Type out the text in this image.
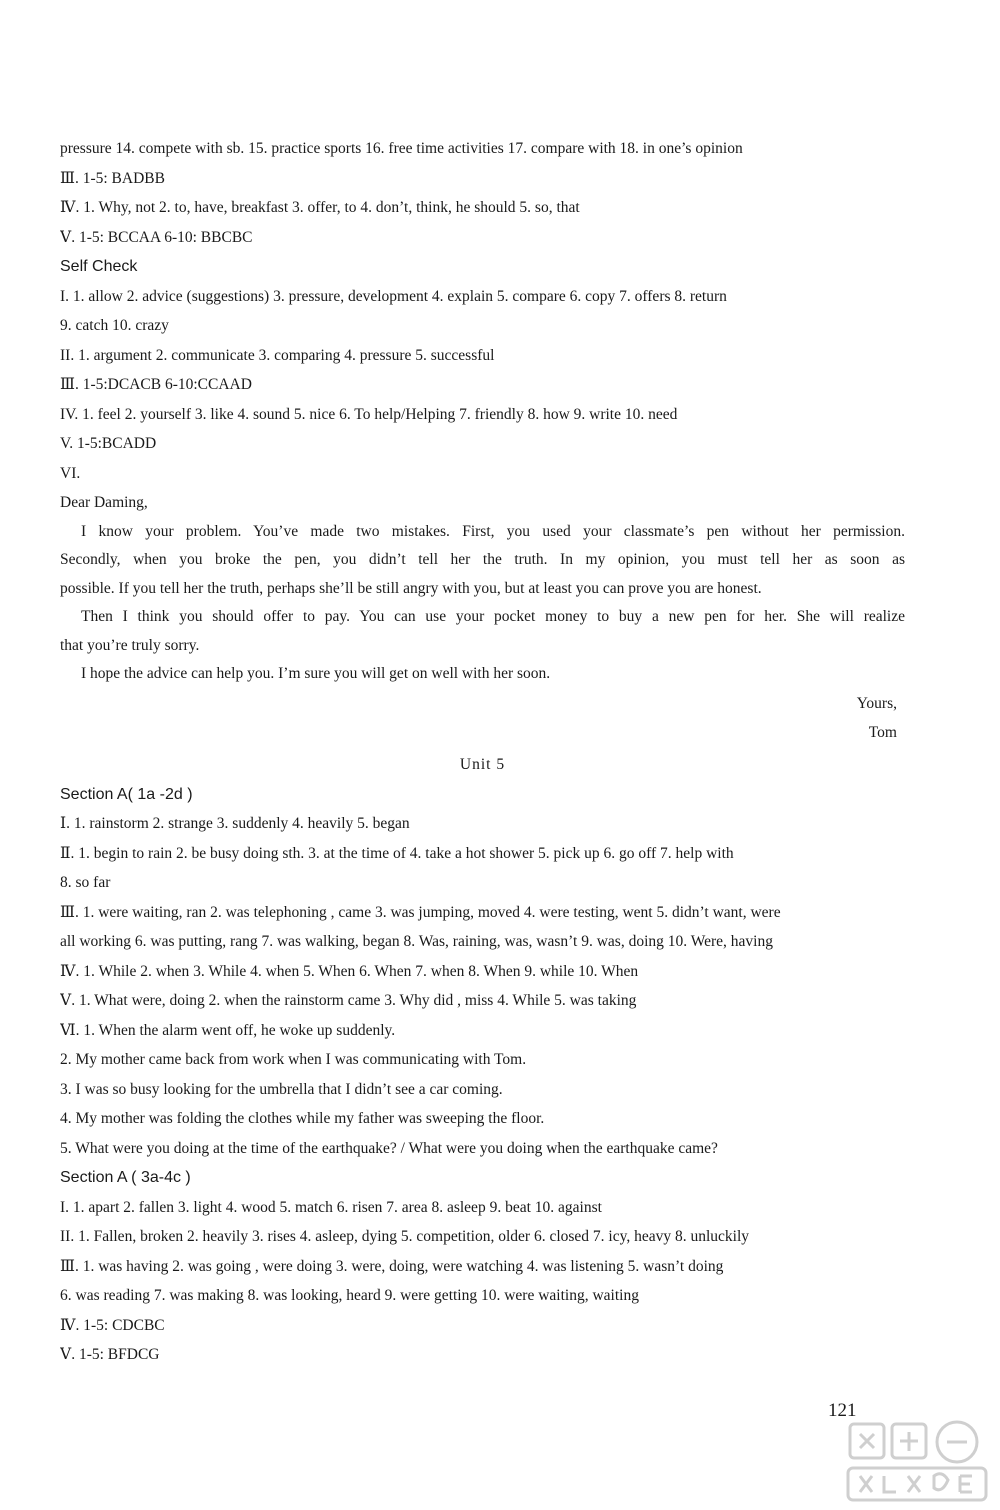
pressure 14. compete with sb. 15. practice sports 16. free time activities 17. compare with 18. in one’s opinion
Ⅲ. 1-5: BADBB
Ⅳ. 1. Why, not 2. to, have, breakfast 3. offer, to 4. don’t, think, he should 5. so, that
Ⅴ. 1-5: BCCAA 6-10: BBCBC
Self Check
I. 1. allow 2. advice (suggestions) 3. pressure, development 4. explain 5. compare 6. copy 7. offers 8. return
9. catch 10. crazy
II. 1. argument 2. communicate 3. comparing 4. pressure 5. successful
Ⅲ. 1-5:DCACB 6-10:CCAAD
IV. 1. feel 2. yourself 3. like 4. sound 5. nice 6. To help/Helping 7. friendly 8. how 9. write 10. need
V. 1-5:BCADD
VI.
Dear Daming,
I know your problem. You’ve made two mistakes. First, you used your classmate’s pen without her permission.
Secondly, when you broke the pen, you didn’t tell her the truth. In my opinion, you must tell her as soon as
possible. If you tell her the truth, perhaps she’ll be still angry with you, but at least you can prove you are honest.
Then I think you should offer to pay. You can use your pocket money to buy a new pen for her. She will realize
that you’re truly sorry.
I hope the advice can help you. I’m sure you will get on well with her soon.
Yours,
Tom
Unit 5
Section A( 1a -2d )
Ⅰ. 1. rainstorm 2. strange 3. suddenly 4. heavily 5. began
Ⅱ. 1. begin to rain 2. be busy doing sth. 3. at the time of 4. take a hot shower 5. pick up 6. go off 7. help with
8. so far
Ⅲ. 1. were waiting, ran 2. was telephoning , came 3. was jumping, moved 4. were testing, went 5. didn’t want, were
all working 6. was putting, rang 7. was walking, began 8. Was, raining, was, wasn’t 9. was, doing 10. Were, having
Ⅳ. 1. While 2. when 3. While 4. when 5. When 6. When 7. when 8. When 9. while 10. When
Ⅴ. 1. What were, doing 2. when the rainstorm came 3. Why did , miss 4. While 5. was taking
Ⅵ. 1. When the alarm went off, he woke up suddenly.
2. My mother came back from work when I was communicating with Tom.
3. I was so busy looking for the umbrella that I didn’t see a car coming.
4. My mother was folding the clothes while my father was sweeping the floor.
5. What were you doing at the time of the earthquake? / What were you doing when the earthquake came?
Section A ( 3a-4c )
I. 1. apart 2. fallen 3. light 4. wood 5. match 6. risen 7. area 8. asleep 9. beat 10. against
II. 1. Fallen, broken 2. heavily 3. rises 4. asleep, dying 5. competition, older 6. closed 7. icy, heavy 8. unluckily
Ⅲ. 1. was having 2. was going , were doing 3. were, doing, were watching 4. was listening 5. wasn’t doing
6. was reading 7. was making 8. was looking, heard 9. were getting 10. were waiting, waiting
Ⅳ. 1-5: CDCBC
Ⅴ. 1-5: BFDCG
121
